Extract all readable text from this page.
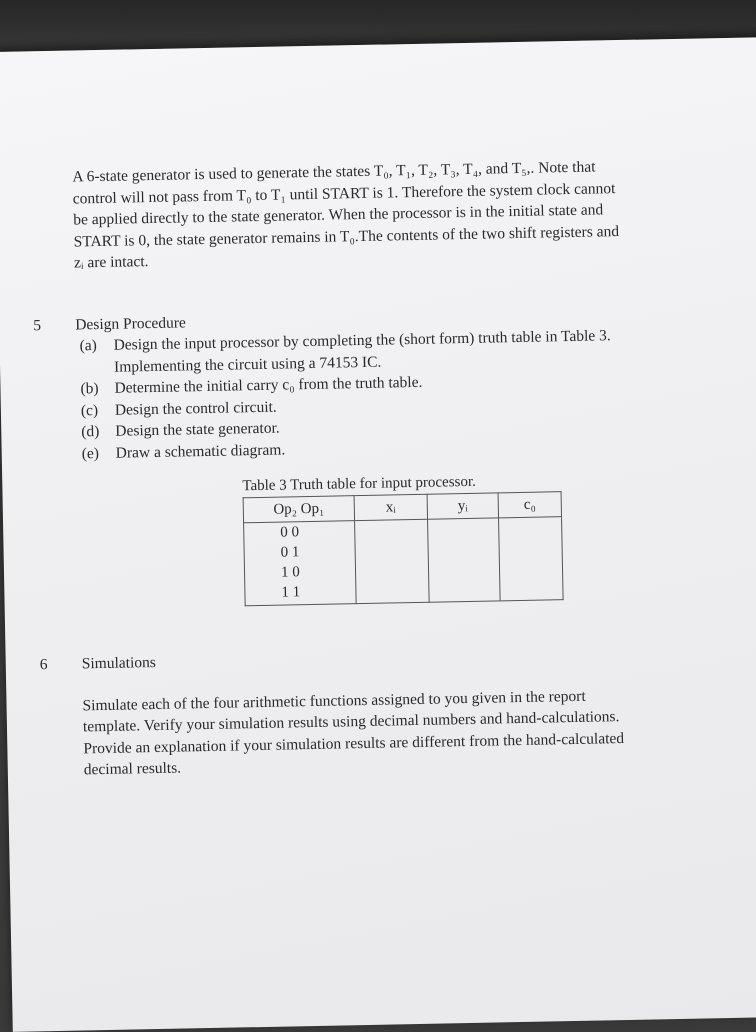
A 6-state generator is used to generate the states T₀, T₁, T₂, T₃, T₄, and T₅,. Note that
control will not pass from T₀ to T₁ until START is 1. Therefore the system clock cannot
be applied directly to the state generator. When the processor is in the initial state and
START is 0, the state generator remains in T₀.The contents of the two shift registers and
zᵢ are intact.
5 Design Procedure
(a) Design the input processor by completing the (short form) truth table in Table 3.
Implementing the circuit using a 74153 IC.
(b) Determine the initial carry c₀ from the truth table.
(c) Design the control circuit.
(d) Design the state generator.
(e) Draw a schematic diagram.
Table 3 Truth table for input processor.
Op₂ Op₁	xᵢ	yᵢ	c₀

0 0
0 1
1 0
1 1			

6 Simulations
Simulate each of the four arithmetic functions assigned to you given in the report
template. Verify your simulation results using decimal numbers and hand-calculations.
Provide an explanation if your simulation results are different from the hand-calculated
decimal results.
